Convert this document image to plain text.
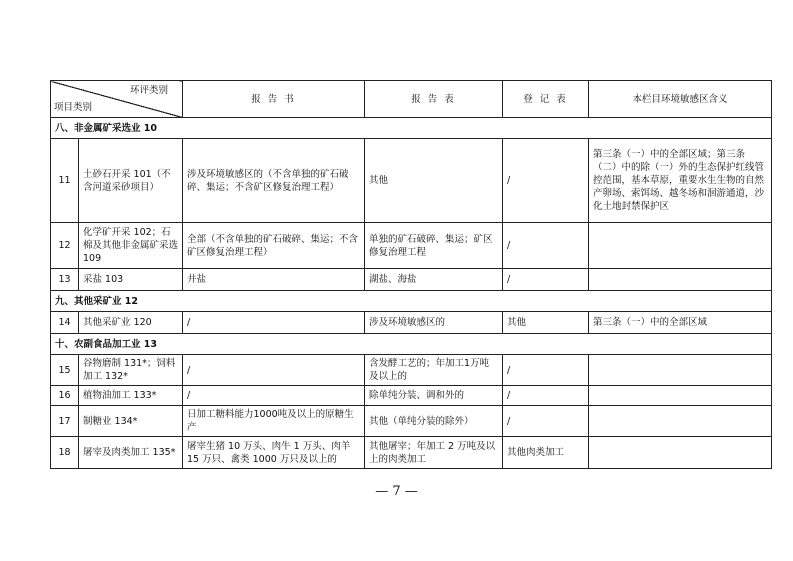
环评类别
项目类别		报 告 书	报 告 表	登 记 表	本栏目环境敏感区含义
八、非金属矿采选业 10					
11	土砂石开采 101（不含河道采砂项目）	涉及环境敏感区的（不含单独的矿石破碎、集运；不含矿区修复治理工程）	其他	/	第三条（一）中的全部区域；第三条（二）中的除（一）外的生态保护红线管控范围，基本草原，重要水生生物的自然产卵场、索饵场、越冬场和洄游通道，沙化土地封禁保护区
12	化学矿开采 102；石棉及其他非金属矿采选 109	全部（不含单独的矿石破碎、集运；不含矿区修复治理工程）	单独的矿石破碎、集运；矿区修复治理工程	/	
13	采盐 103	井盐	湖盐、海盐	/	
九、其他采矿业 12					
14	其他采矿业 120	/	涉及环境敏感区的	其他	第三条（一）中的全部区域
十、农副食品加工业 13					
15	谷物磨制 131*；饲料加工 132*	/	含发酵工艺的；年加工1万吨及以上的	/	
16	植物油加工 133*	/	除单纯分装、调和外的	/	
17	制糖业 134*	日加工糖料能力1000吨及以上的原糖生产	其他（单纯分装的除外）	/	
18	屠宰及肉类加工 135*	屠宰生猪 10 万头、肉牛 1 万头、肉羊 15 万只、禽类 1000 万只及以上的	其他屠宰；年加工 2 万吨及以上的肉类加工	其他肉类加工	
— 7 —
